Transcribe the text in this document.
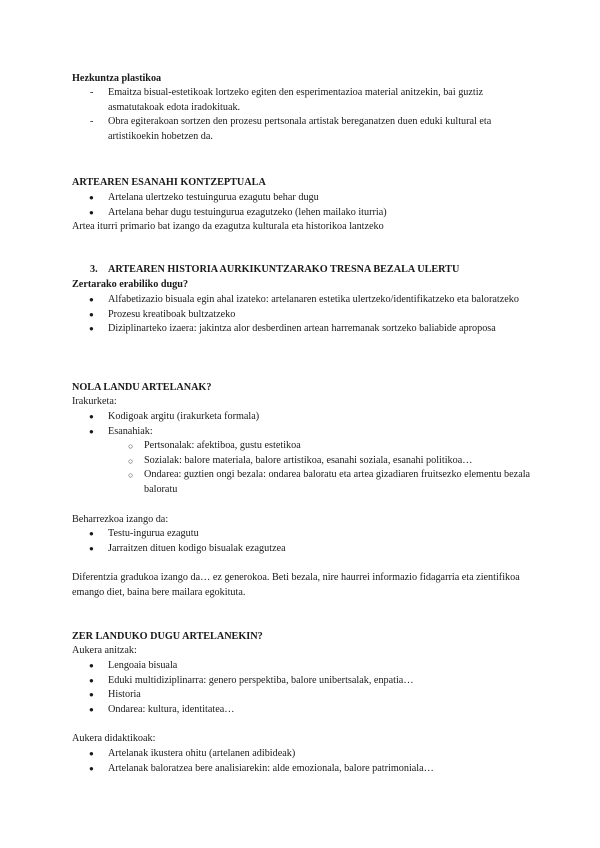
Hezkuntza plastikoa
- Emaitza bisual-estetikoak lortzeko egiten den esperimentazioa material anitzekin, bai guztiz asmatutakoak edota iradokituak.
- Obra egiterakoan sortzen den prozesu pertsonala artistak bereganatzen duen eduki kultural eta artistikoekin hobetzen da.
ARTEAREN ESANAHI KONTZEPTUALA
● Artelana ulertzeko testuingurua ezagutu behar dugu
● Artelana behar dugu testuingurua ezagutzeko (lehen mailako iturria)
Artea iturri primario bat izango da ezagutza kulturala eta historikoa lantzeko
3. ARTEAREN HISTORIA AURKIKUNTZARAKO TRESNA BEZALA ULERTU
Zertarako erabiliko dugu?
● Alfabetizazio bisuala egin ahal izateko: artelanaren estetika ulertzeko/identifikatzeko eta baloratzeko
● Prozesu kreatiboak bultzatzeko
● Diziplinarteko izaera: jakintza alor desberdinen artean harremanak sortzeko baliabide aproposa
NOLA LANDU ARTELANAK?
Irakurketa:
● Kodigoak argitu (irakurketa formala)
● Esanahiak:
○ Pertsonalak: afektiboa, gustu estetikoa
○ Sozialak: balore materiala, balore artistikoa, esanahi soziala, esanahi politikoa…
○ Ondarea: guztien ongi bezala: ondarea baloratu eta artea gizadiaren fruitsezko elementu bezala baloratu
Beharrezkoa izango da:
● Testu-ingurua ezagutu
● Jarraitzen dituen kodigo bisualak ezagutzea
Diferentzia gradukoa izango da… ez generokoa. Beti bezala, nire haurrei informazio fidagarria eta zientifikoa emango diet, baina bere mailara egokituta.
ZER LANDUKO DUGU ARTELANEKIN?
Aukera anitzak:
● Lengoaia bisuala
● Eduki multidiziplinarra: genero perspektiba, balore unibertsalak, enpatia…
● Historia
● Ondarea: kultura, identitatea…
Aukera didaktikoak:
● Artelanak ikustera ohitu (artelanen adibideak)
● Artelanak baloratzea bere analisiarekin: alde emozionala, balore patrimoniala…
